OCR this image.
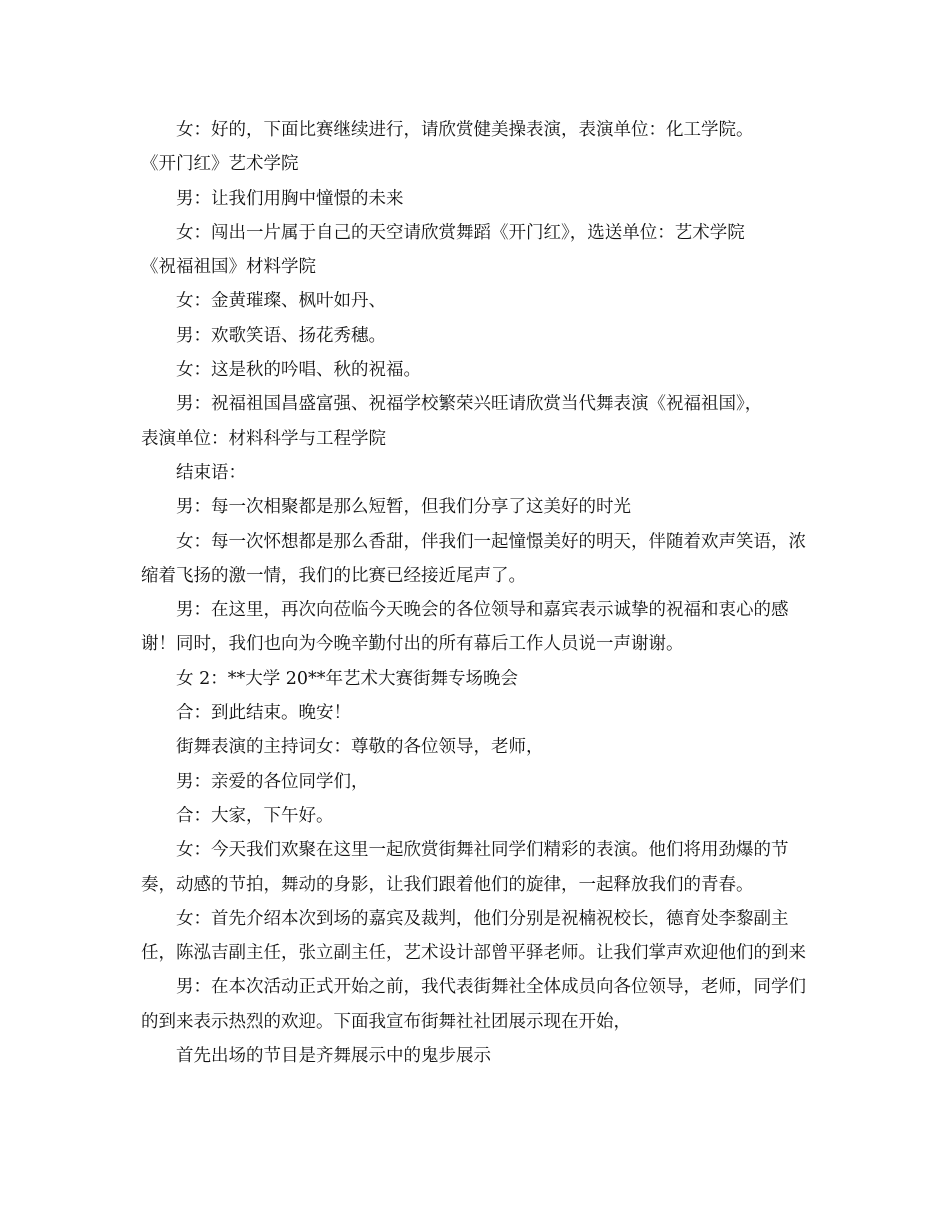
女：好的，下面比赛继续进行，请欣赏健美操表演，表演单位：化工学院。

《开门红》艺术学院

男：让我们用胸中憧憬的未来

女：闯出一片属于自己的天空请欣赏舞蹈《开门红》，选送单位：艺术学院

《祝福祖国》材料学院

女：金黄璀璨、枫叶如丹、

男：欢歌笑语、扬花秀穗。

女：这是秋的吟唱、秋的祝福。

男：祝福祖国昌盛富强、祝福学校繁荣兴旺请欣赏当代舞表演《祝福祖国》，

表演单位：材料科学与工程学院

结束语：

男：每一次相聚都是那么短暂，但我们分享了这美好的时光

女：每一次怀想都是那么香甜，伴我们一起憧憬美好的明天，伴随着欢声笑语，浓缩着飞扬的激一情，我们的比赛已经接近尾声了。

男：在这里，再次向莅临今天晚会的各位领导和嘉宾表示诚挚的祝福和衷心的感谢！同时，我们也向为今晚辛勤付出的所有幕后工作人员说一声谢谢。

女 2：**大学 20**年艺术大赛街舞专场晚会

合：到此结束。晚安！

街舞表演的主持词女：尊敬的各位领导，老师，

男：亲爱的各位同学们，

合：大家，下午好。

女：今天我们欢聚在这里一起欣赏街舞社同学们精彩的表演。他们将用劲爆的节奏，动感的节拍，舞动的身影，让我们跟着他们的旋律，一起释放我们的青春。

女：首先介绍本次到场的嘉宾及裁判，他们分别是祝楠祝校长，德育处李黎副主任，陈泓吉副主任，张立副主任，艺术设计部曾平驿老师。让我们掌声欢迎他们的到来

男：在本次活动正式开始之前，我代表街舞社全体成员向各位领导，老师，同学们的到来表示热烈的欢迎。下面我宣布街舞社社团展示现在开始，

首先出场的节目是齐舞展示中的鬼步展示
